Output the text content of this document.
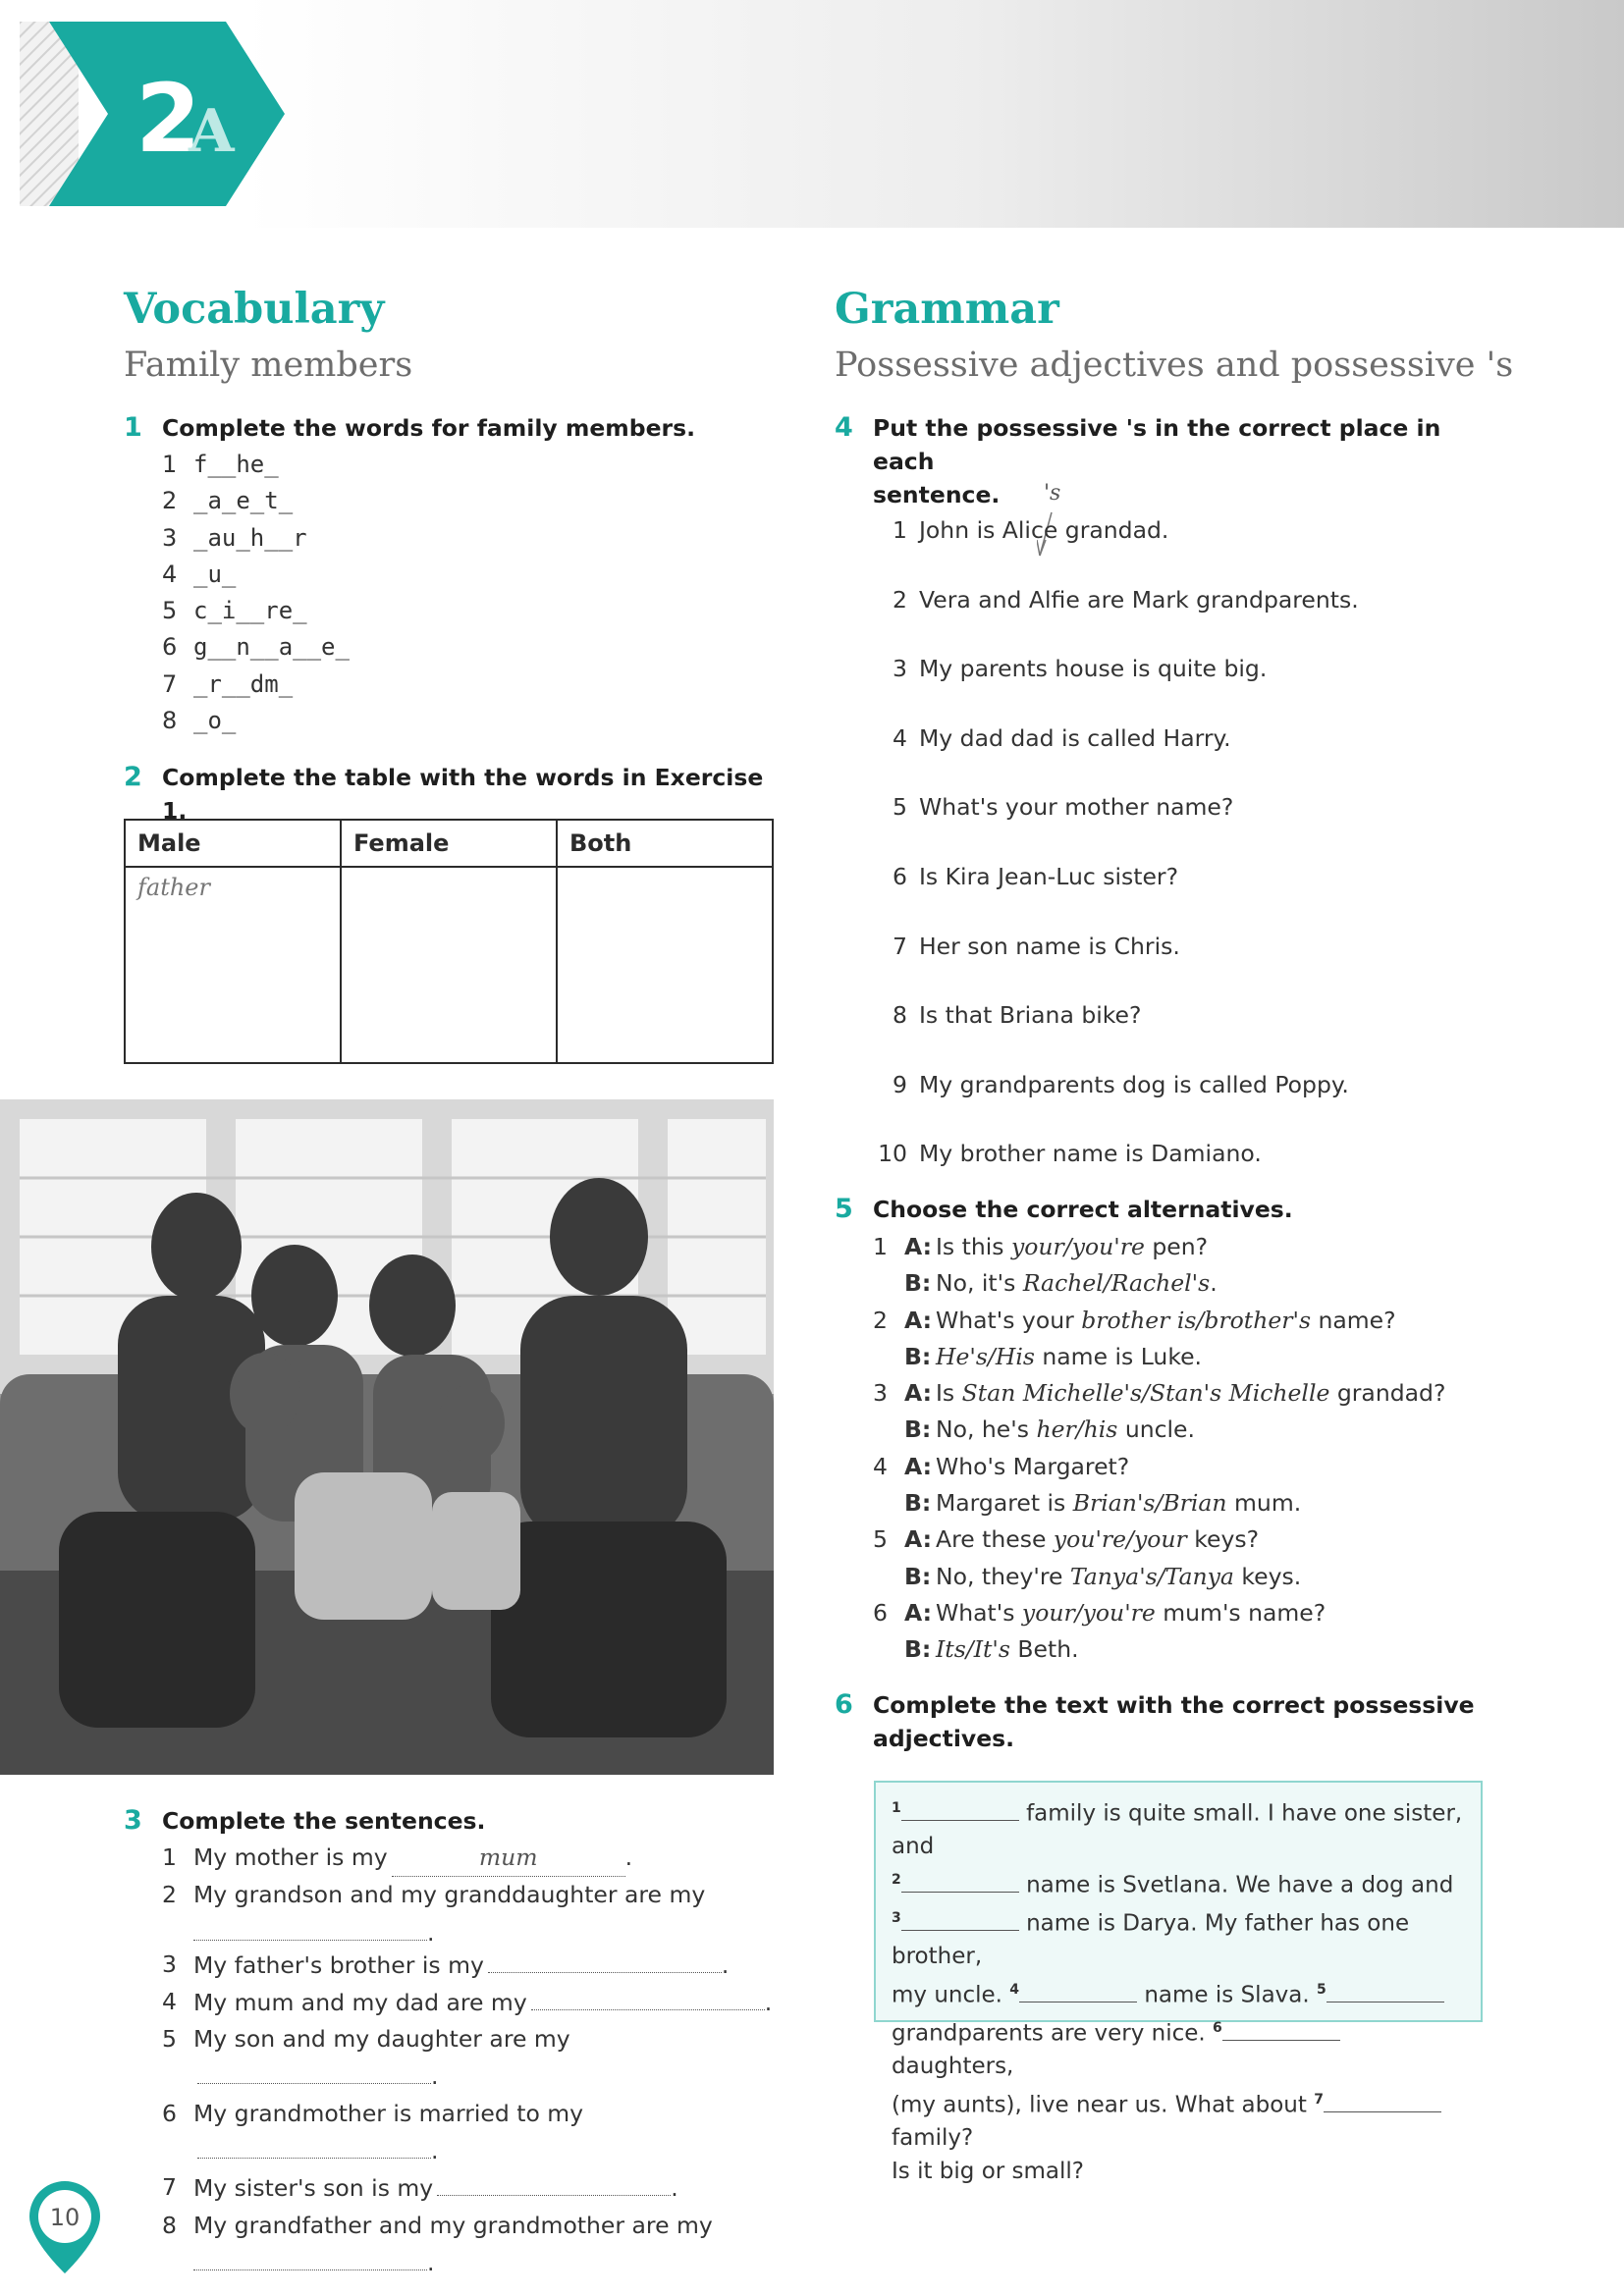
2
A
Vocabulary
Family members
1 Complete the words for family members.
1 f__he_
2 _a_e_t_
3 _au_h__r
4 _u_
5 c_i__re_
6 g__n__a__e_
7 _r__dm_
8 _o_
2 Complete the table with the words in Exercise 1.
Male	Female	Both
father		
3 Complete the sentences.
1 My mother is my	mum	.
2 My grandson and my granddaughter are my
.
3 My father's brother is my	.
4 My mum and my dad are my	.
5 My son and my daughter are my.
6 My grandmother is married to my.
7 My sister's son is my	.
8 My grandfather and my grandmother are my
.
Grammar
Possessive adjectives and possessive 's
4 Put the possessive 's in the correct place in each
sentence.	's
1 John is Alice grandad.
2 Vera and Alfie are Mark grandparents.
3 My parents house is quite big.
4 My dad dad is called Harry.
5 What's your mother name?
6 Is Kira Jean-Luc sister?
7 Her son name is Chris.
8 Is that Briana bike?
9 My grandparents dog is called Poppy.
10 My brother name is Damiano.
5 Choose the correct alternatives.
1 A: Is this your/you're pen?
B: No, it's Rachel/Rachel's.
2 A: What's your brother is/brother's name?
B: He's/His name is Luke.
3 A: Is Stan Michelle's/Stan's Michelle grandad?
B: No, he's her/his uncle.
4 A: Who's Margaret?
B: Margaret is Brian's/Brian mum.
5 A: Are these you're/your keys?
B: No, they're Tanya's/Tanya keys.
6 A: What's your/you're mum's name?
B: Its/It's Beth.
6 Complete the text with the correct possessive
adjectives.
$^1$	family is quite small. I have one sister, and
$^2$	name is Svetlana. We have a dog and
$^3$	name is Darya. My father has one brother,
my uncle. $^4$	name is Slava. $^5$
grandparents are very nice. $^6$ daughters,
(my aunts), live near us. What about $^7$ family?
Is it big or small?
10
